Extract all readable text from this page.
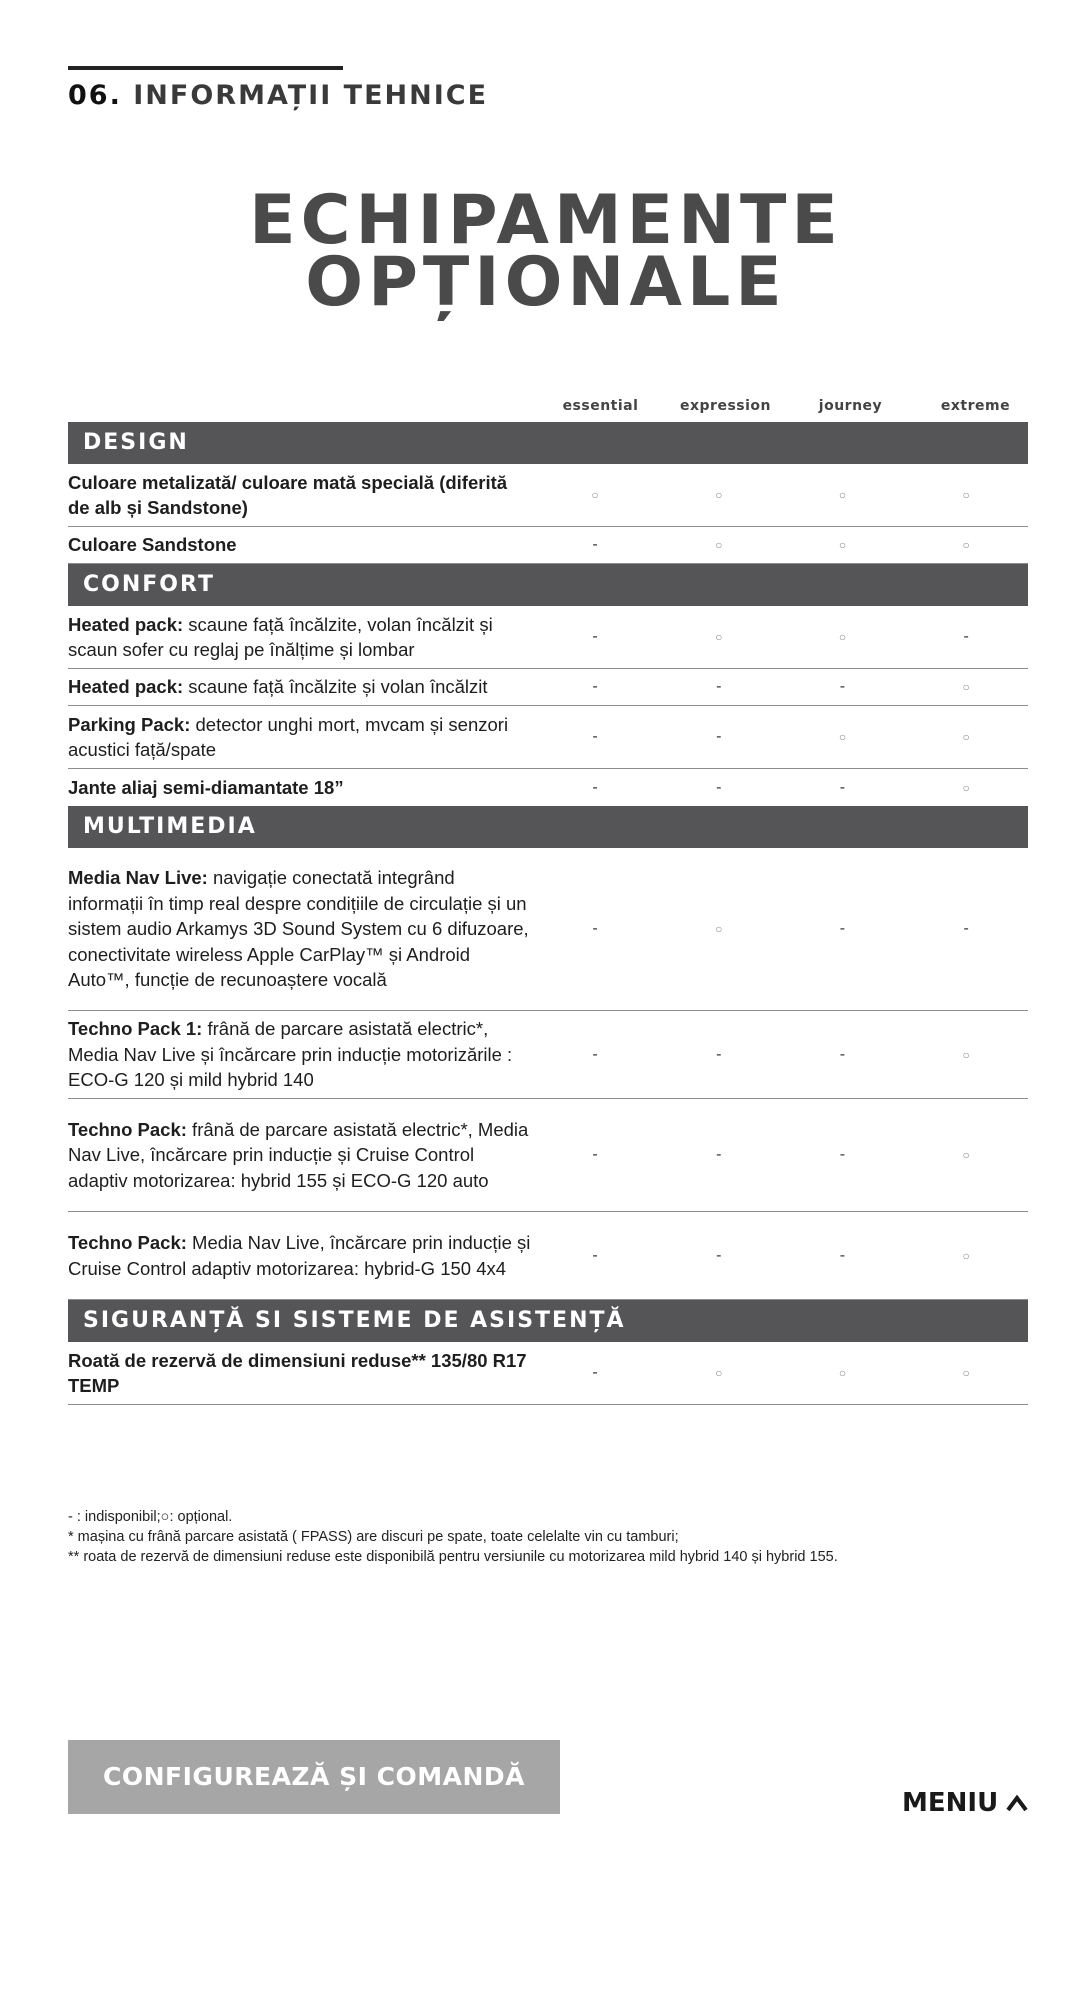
06. INFORMAȚII TEHNICE
ECHIPAMENTE
OPȚIONALE
essential	expression	journey	extreme
DESIGN
Culoare metalizată/ culoare mată specială (diferită de alb și Sandstone)
○	○	○	○
Culoare Sandstone	-	○	○	○
CONFORT
Heated pack: scaune față încălzite, volan încălzit și scaun sofer cu reglaj pe înălțime și lombar
-	○	○	-
Heated pack: scaune față încălzite și volan încălzit	-	-	-	○
Parking Pack: detector unghi mort, mvcam și senzori acustici față/spate
-	-	○	○
Jante aliaj semi-diamantate 18”	-	-	-	○
MULTIMEDIA
Media Nav Live: navigație conectată integrând informații în timp real despre condițiile de circulație și un sistem audio Arkamys 3D Sound System cu 6 difuzoare, conectivitate wireless Apple CarPlay™ și Android Auto™, funcție de recunoaștere vocală
-	○	-	-
Techno Pack 1: frână de parcare asistată electric*, Media Nav Live și încărcare prin inducție motorizările : ECO-G 120 și mild hybrid 140
-	-	-	○
Techno Pack: frână de parcare asistată electric*, Media Nav Live, încărcare prin inducție și Cruise Control adaptiv motorizarea: hybrid 155 și ECO-G 120 auto
-	-	-	○
Techno Pack: Media Nav Live, încărcare prin inducție și Cruise Control adaptiv motorizarea: hybrid-G 150 4x4
-	-	-	○
SIGURANȚĂ SI SISTEME DE ASISTENȚĂ
Roată de rezervă de dimensiuni reduse** 135/80 R17 TEMP
-	○	○	○
- : indisponibil;○: opțional.
* mașina cu frână parcare asistată ( FPASS) are discuri pe spate, toate celelalte vin cu tamburi;
** roata de rezervă de dimensiuni reduse este disponibilă pentru versiunile cu motorizarea mild hybrid 140 și hybrid 155.
CONFIGUREAZĂ ȘI COMANDĂ
MENIU
